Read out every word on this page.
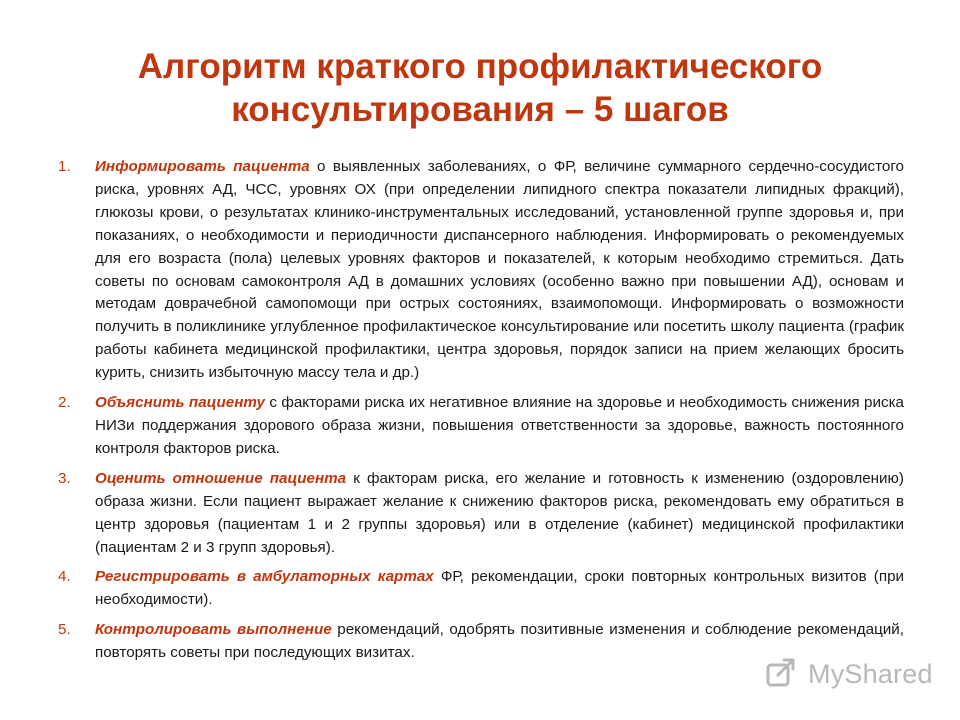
Алгоритм краткого профилактического
консультирования – 5 шагов
1. Информировать пациента о выявленных заболеваниях, о ФР, величине суммарного сердечно-сосудистого риска, уровнях АД, ЧСС, уровнях ОХ (при определении липидного спектра показатели липидных фракций), глюкозы крови, о результатах клинико-инструментальных исследований, установленной группе здоровья и, при показаниях, о необходимости и периодичности диспансерного наблюдения. Информировать о рекомендуемых для его возраста (пола) целевых уровнях факторов и показателей, к которым необходимо стремиться. Дать советы по основам самоконтроля АД в домашних условиях (особенно важно при повышении АД), основам и методам доврачебной самопомощи при острых состояниях, взаимопомощи. Информировать о возможности получить в поликлинике углубленное профилактическое консультирование или посетить школу пациента (график работы кабинета медицинской профилактики, центра здоровья, порядок записи на прием желающих бросить курить, снизить избыточную массу тела и др.)
2. Объяснить пациенту с факторами риска их негативное влияние на здоровье и необходимость снижения риска НИЗи поддержания здорового образа жизни, повышения ответственности за здоровье, важность постоянного контроля факторов риска.
3. Оценить отношение пациента к факторам риска, его желание и готовность к изменению (оздоровлению) образа жизни. Если пациент выражает желание к снижению факторов риска, рекомендовать ему обратиться в центр здоровья (пациентам 1 и 2 группы здоровья) или в отделение (кабинет) медицинской профилактики (пациентам 2 и 3 групп здоровья).
4. Регистрировать в амбулаторных картах ФР, рекомендации, сроки повторных контрольных визитов (при необходимости).
5. Контролировать выполнение рекомендаций, одобрять позитивные изменения и соблюдение рекомендаций, повторять советы при последующих визитах.
MyShared
